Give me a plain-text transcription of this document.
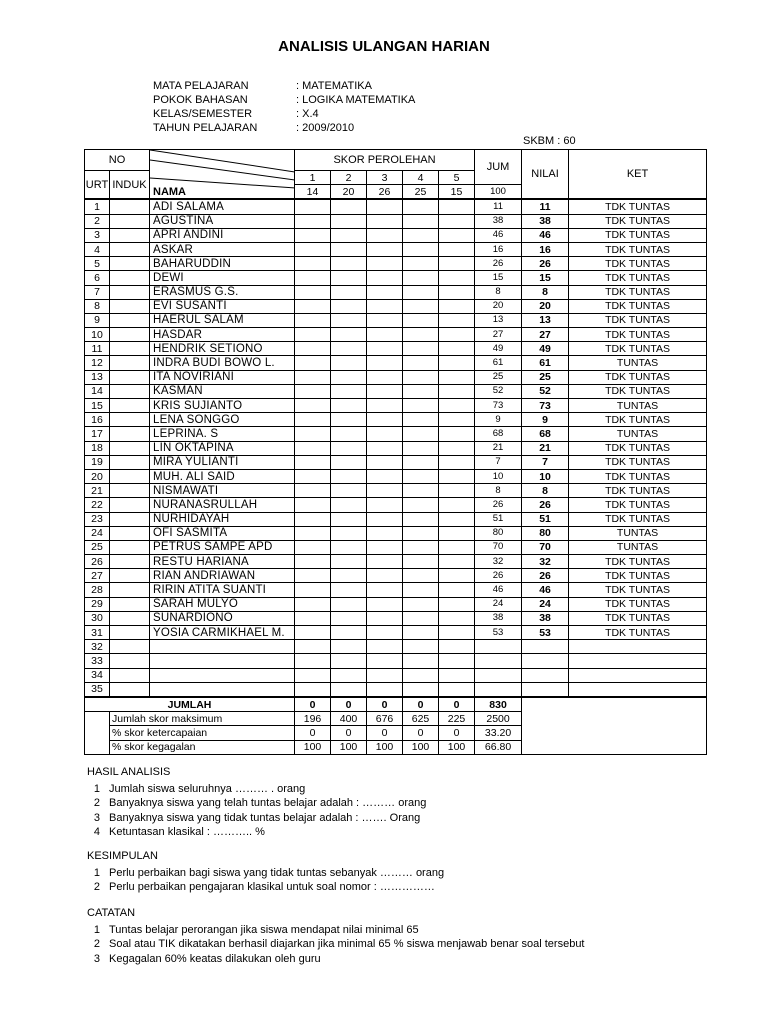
ANALISIS ULANGAN HARIAN
MATA PELAJARAN	: MATEMATIKA
POKOK BAHASAN	: LOGIKA MATEMATIKA
KELAS/SEMESTER	: X.4
TAHUN PELAJARAN	: 2009/2010
SKBM : 60
NO		NAMA	SKOR PEROLEHAN					JUM	NILAI	KET
URT	INDUK		1	2	3	4	5			
			14	20	26	25	15	100		
1		ADI SALAMA						11	11	TDK TUNTAS
2		AGUSTINA						38	38	TDK TUNTAS
3		APRI ANDINI						46	46	TDK TUNTAS
4		ASKAR						16	16	TDK TUNTAS
5		BAHARUDDIN						26	26	TDK TUNTAS
6		DEWI						15	15	TDK TUNTAS
7		ERASMUS G.S.						8	8	TDK TUNTAS
8		EVI SUSANTI						20	20	TDK TUNTAS
9		HAERUL SALAM						13	13	TDK TUNTAS
10		HASDAR						27	27	TDK TUNTAS
11		HENDRIK SETIONO						49	49	TDK TUNTAS
12		INDRA BUDI BOWO L.						61	61	TUNTAS
13		ITA NOVIRIANI						25	25	TDK TUNTAS
14		KASMAN						52	52	TDK TUNTAS
15		KRIS SUJIANTO						73	73	TUNTAS
16		LENA SONGGO						9	9	TDK TUNTAS
17		LEPRINA. S						68	68	TUNTAS
18		LIN OKTAPINA						21	21	TDK TUNTAS
19		MIRA YULIANTI						7	7	TDK TUNTAS
20		MUH. ALI SAID						10	10	TDK TUNTAS
21		NISMAWATI						8	8	TDK TUNTAS
22		NURANASRULLAH						26	26	TDK TUNTAS
23		NURHIDAYAH						51	51	TDK TUNTAS
24		OFI SASMITA						80	80	TUNTAS
25		PETRUS SAMPE APD						70	70	TUNTAS
26		RESTU HARIANA						32	32	TDK TUNTAS
27		RIAN ANDRIAWAN						26	26	TDK TUNTAS
28		RIRIN ATITA SUANTI						46	46	TDK TUNTAS
29		SARAH MULYO						24	24	TDK TUNTAS
30		SUNARDIONO						38	38	TDK TUNTAS
31		YOSIA CARMIKHAEL M.						53	53	TDK TUNTAS
32										
33										
34										
35										
JUMLAH			0	0	0	0	0	830		
	Jumlah skor maksimum		196	400	676	625	225	2500		
	% skor ketercapaian		0	0	0	0	0	33.20		
	% skor kegagalan		100	100	100	100	100	66.80		
HASIL ANALISIS
1 Jumlah siswa seluruhnya ……… . orang
2 Banyaknya siswa yang telah tuntas belajar adalah : ……… orang
3 Banyaknya siswa yang tidak tuntas belajar adalah : ……. Orang
4 Ketuntasan klasikal : ……….. %
KESIMPULAN
1 Perlu perbaikan bagi siswa yang tidak tuntas sebanyak ……… orang
2 Perlu perbaikan pengajaran klasikal untuk soal nomor : ……………
CATATAN
1 Tuntas belajar perorangan jika siswa mendapat nilai minimal 65
2 Soal atau TIK dikatakan berhasil diajarkan jika minimal 65 % siswa menjawab benar soal tersebut
3 Kegagalan 60% keatas dilakukan oleh guru
